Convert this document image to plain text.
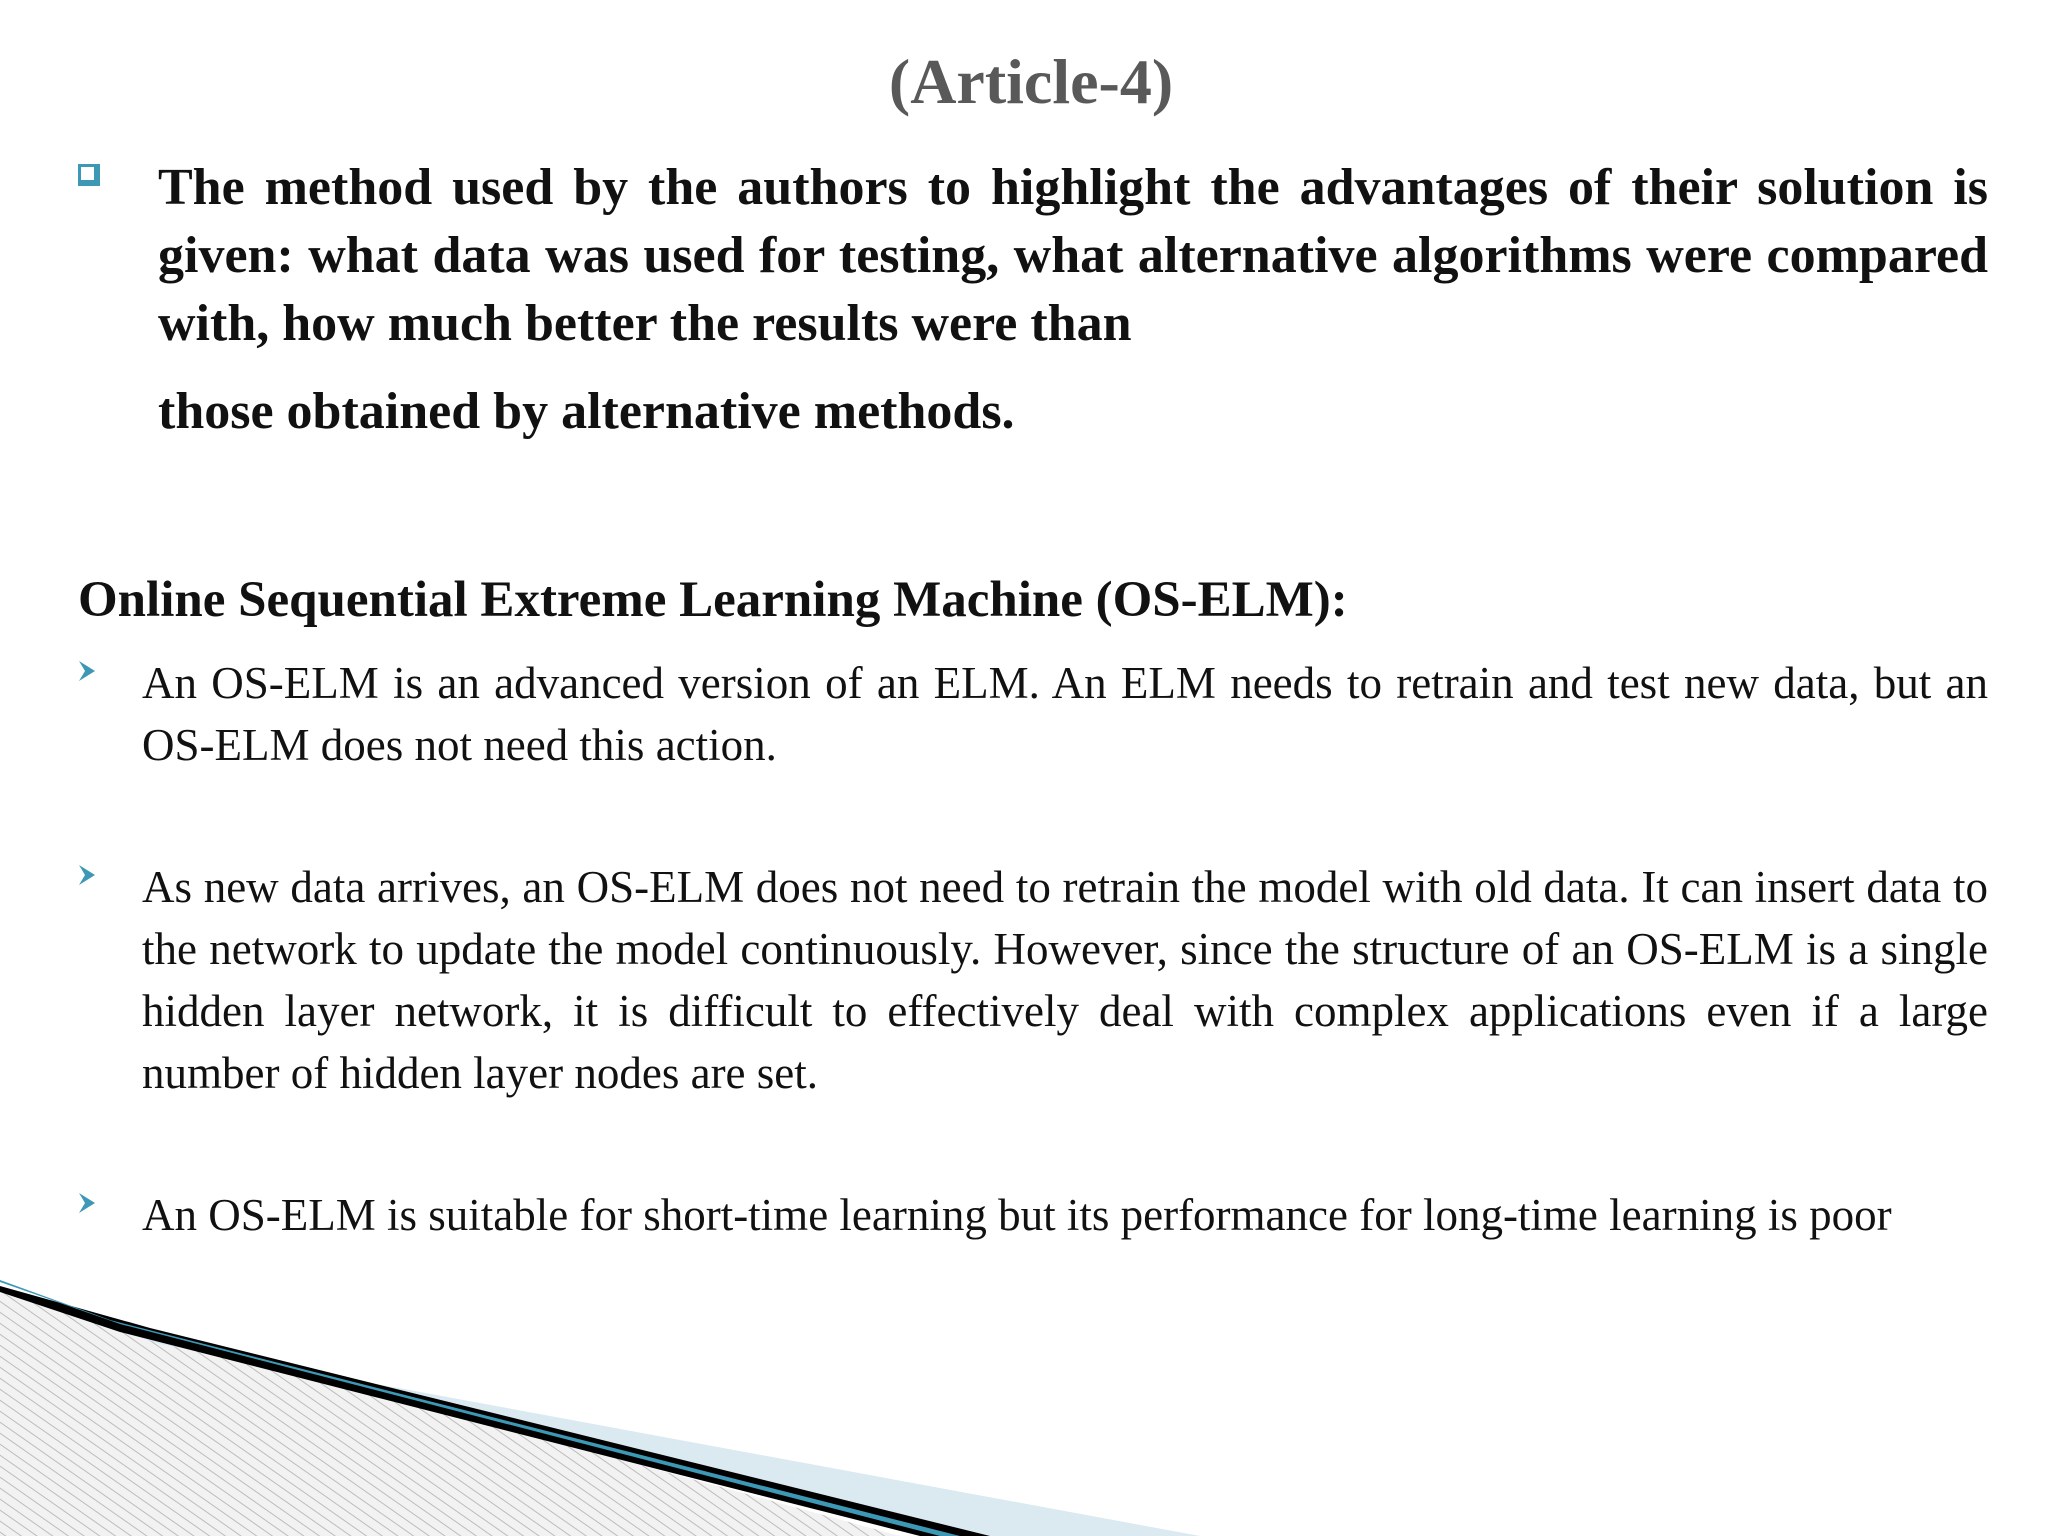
(Article-4)
The method used by the authors to highlight the advantages of their solution is given: what data was used for testing, what alternative algorithms were compared with, how much better the results were than
those obtained by alternative methods.
Online Sequential Extreme Learning Machine (OS-ELM):
An OS-ELM is an advanced version of an ELM. An ELM needs to retrain and test new data, but an OS-ELM does not need this action.
As new data arrives, an OS-ELM does not need to retrain the model with old data. It can insert data to the network to update the model continuously. However, since the structure of an OS-ELM is a single hidden layer network, it is difficult to effectively deal with complex applications even if a large number of hidden layer nodes are set.
An OS-ELM is suitable for short-time learning but its performance for long-time learning is poor
